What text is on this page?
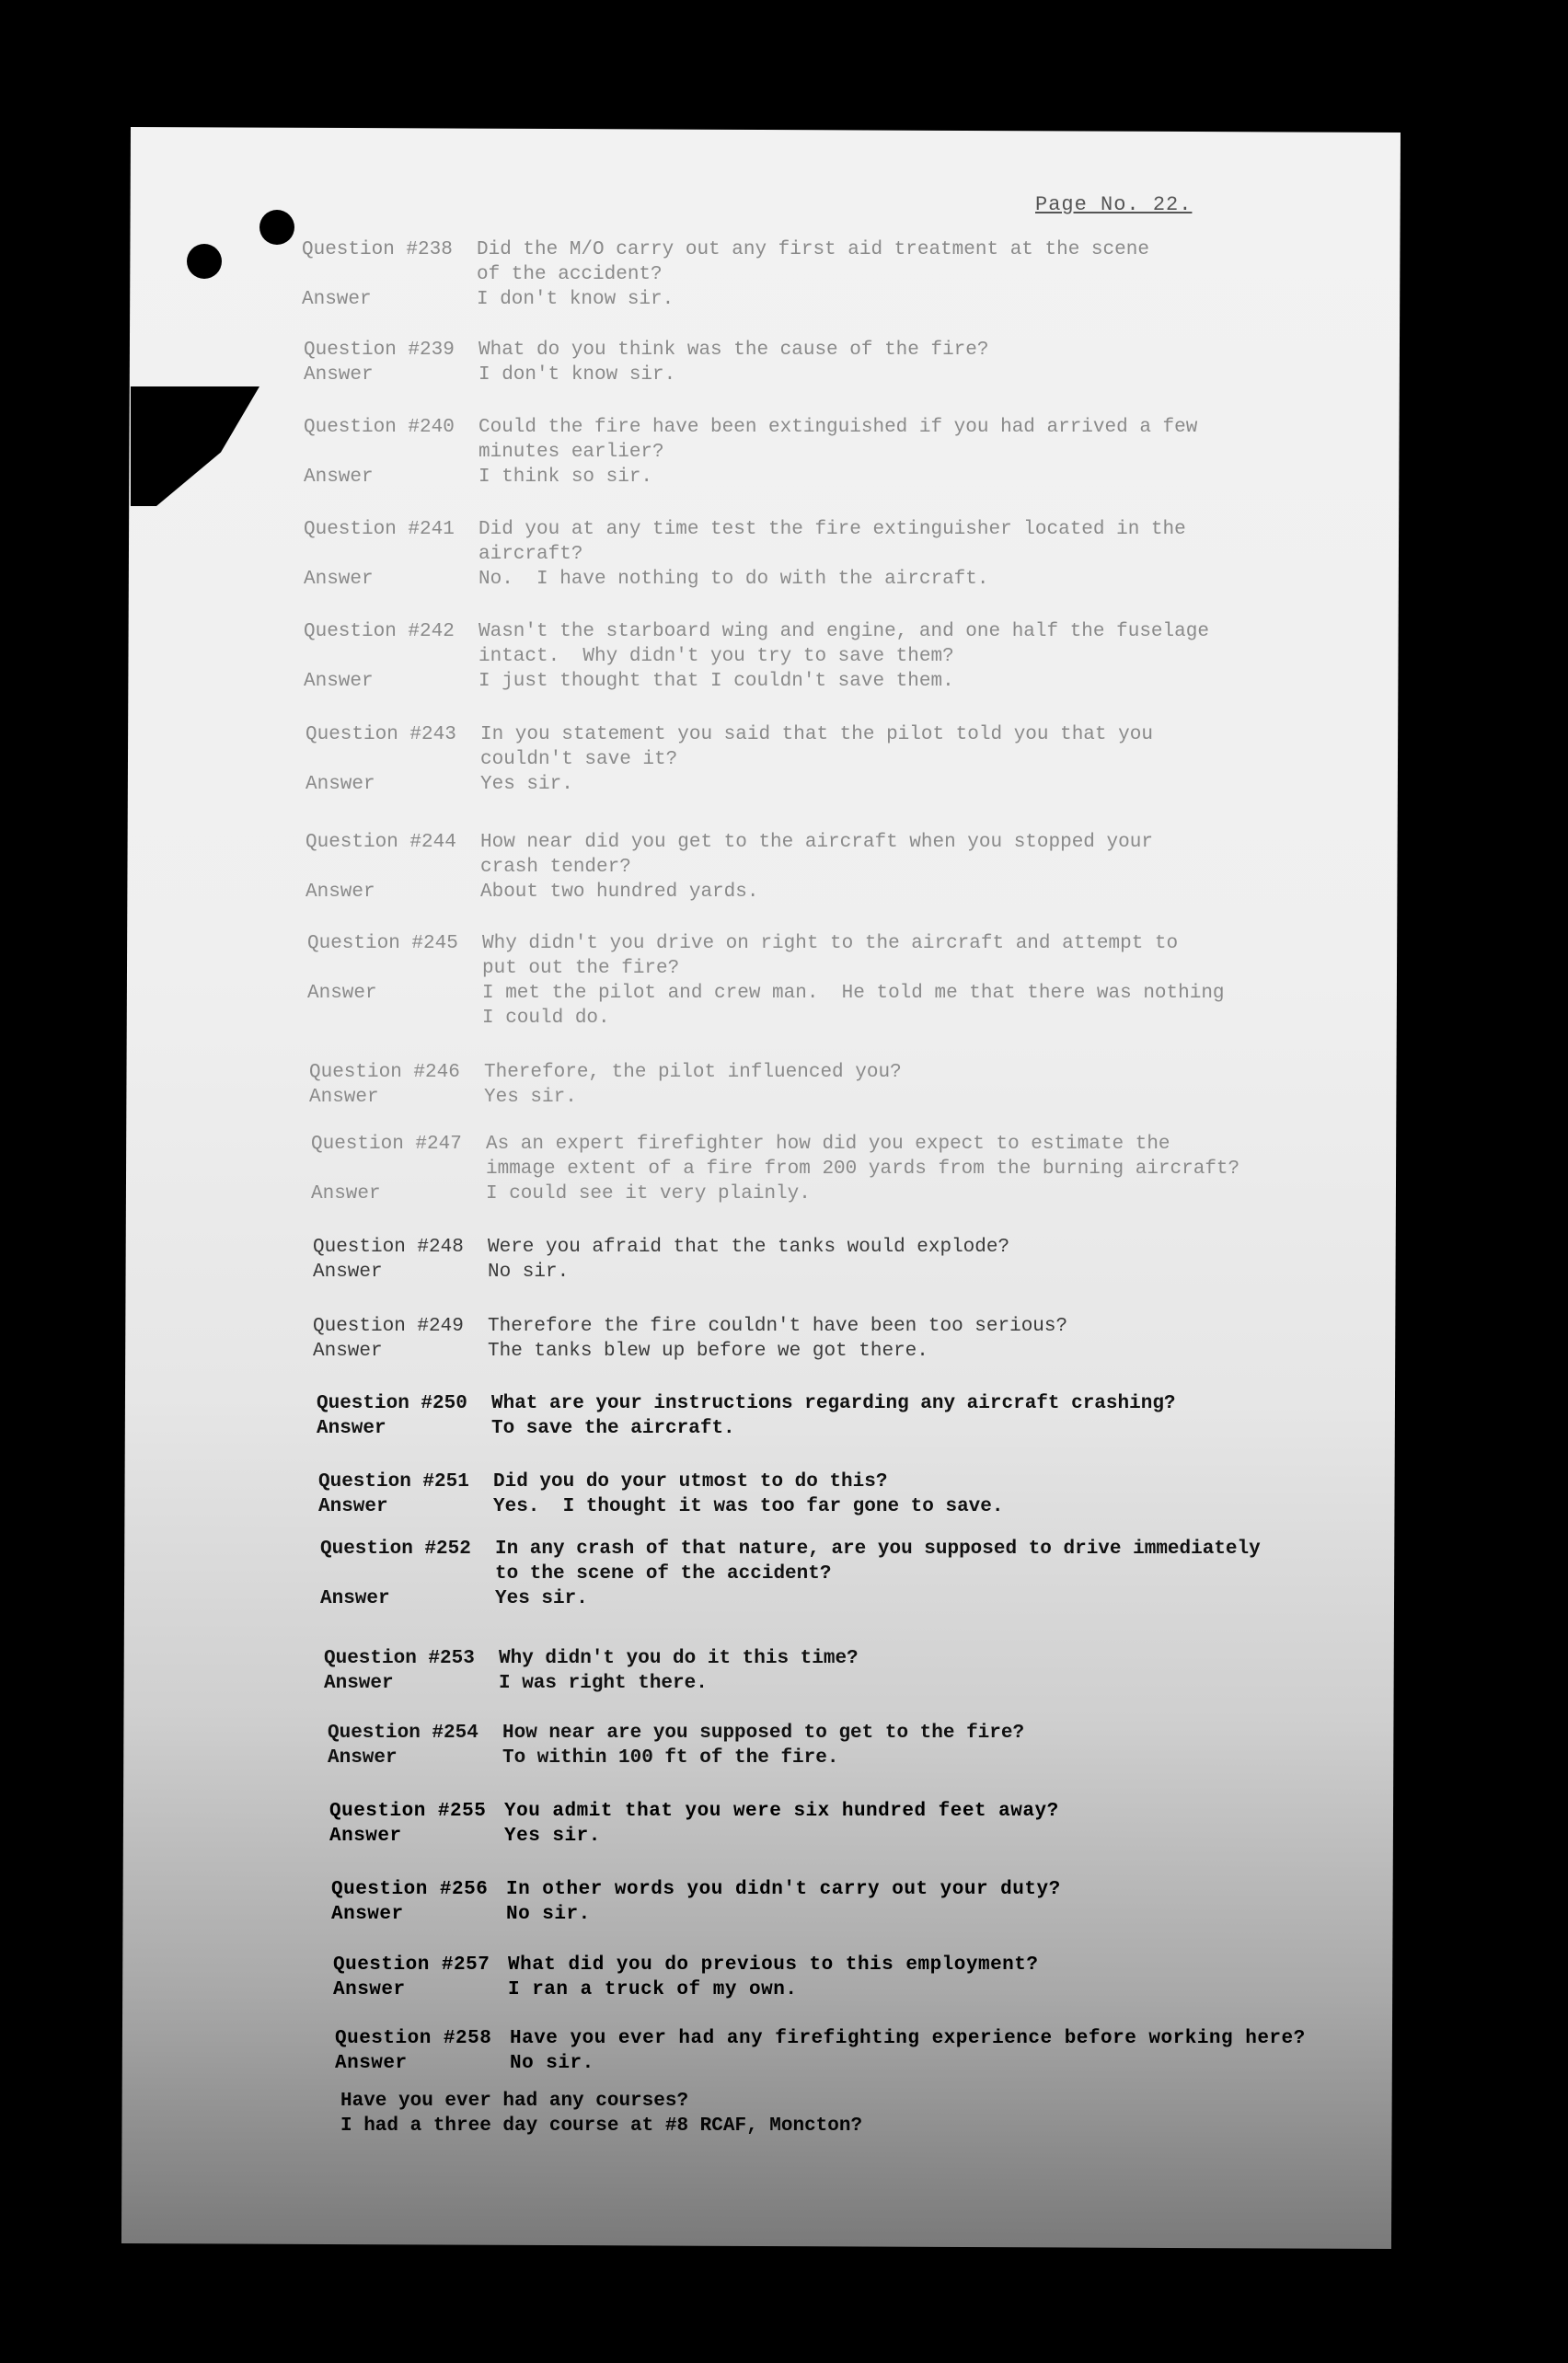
Page No. 22.
Question #238	Did the M/O carry out any first aid treatment at the scene
of the accident?
Answer	I don't know sir.
Question #239	What do you think was the cause of the fire?
Answer	I don't know sir.
Question #240	Could the fire have been extinguished if you had arrived a few
minutes earlier?
Answer	I think so sir.
Question #241	Did you at any time test the fire extinguisher located in the
aircraft?
Answer	No.  I have nothing to do with the aircraft.
Question #242	Wasn't the starboard wing and engine, and one half the fuselage
intact.  Why didn't you try to save them?
Answer	I just thought that I couldn't save them.
Question #243	In you statement you said that the pilot told you that you
couldn't save it?
Answer	Yes sir.
Question #244	How near did you get to the aircraft when you stopped your
crash tender?
Answer	About two hundred yards.
Question #245	Why didn't you drive on right to the aircraft and attempt to
put out the fire?
Answer	I met the pilot and crew man.  He told me that there was nothing
I could do.
Question #246	Therefore, the pilot influenced you?
Answer	Yes sir.
Question #247	As an expert firefighter how did you expect to estimate the
immage extent of a fire from 200 yards from the burning aircraft?
Answer	I could see it very plainly.
Question #248	Were you afraid that the tanks would explode?
Answer	No sir.
Question #249	Therefore the fire couldn't have been too serious?
Answer	The tanks blew up before we got there.
Question #250	What are your instructions regarding any aircraft crashing?
Answer	To save the aircraft.
Question #251	Did you do your utmost to do this?
Answer	Yes.  I thought it was too far gone to save.
Question #252	In any crash of that nature, are you supposed to drive immediately
to the scene of the accident?
Answer	Yes sir.
Question #253	Why didn't you do it this time?
Answer	I was right there.
Question #254	How near are you supposed to get to the fire?
Answer	To within 100 ft of the fire.
Question #255 You admit that you were six hundred feet away?
Answer	Yes sir.
Question #256 In other words you didn't carry out your duty?
Answer	No sir.
Question #257 What did you do previous to this employment?
Answer	I ran a truck of my own.
Question #258 Have you ever had any firefighting experience before working here?
Answer	No sir.
Have you ever had any courses?
I had a three day course at #8 RCAF, Moncton?
